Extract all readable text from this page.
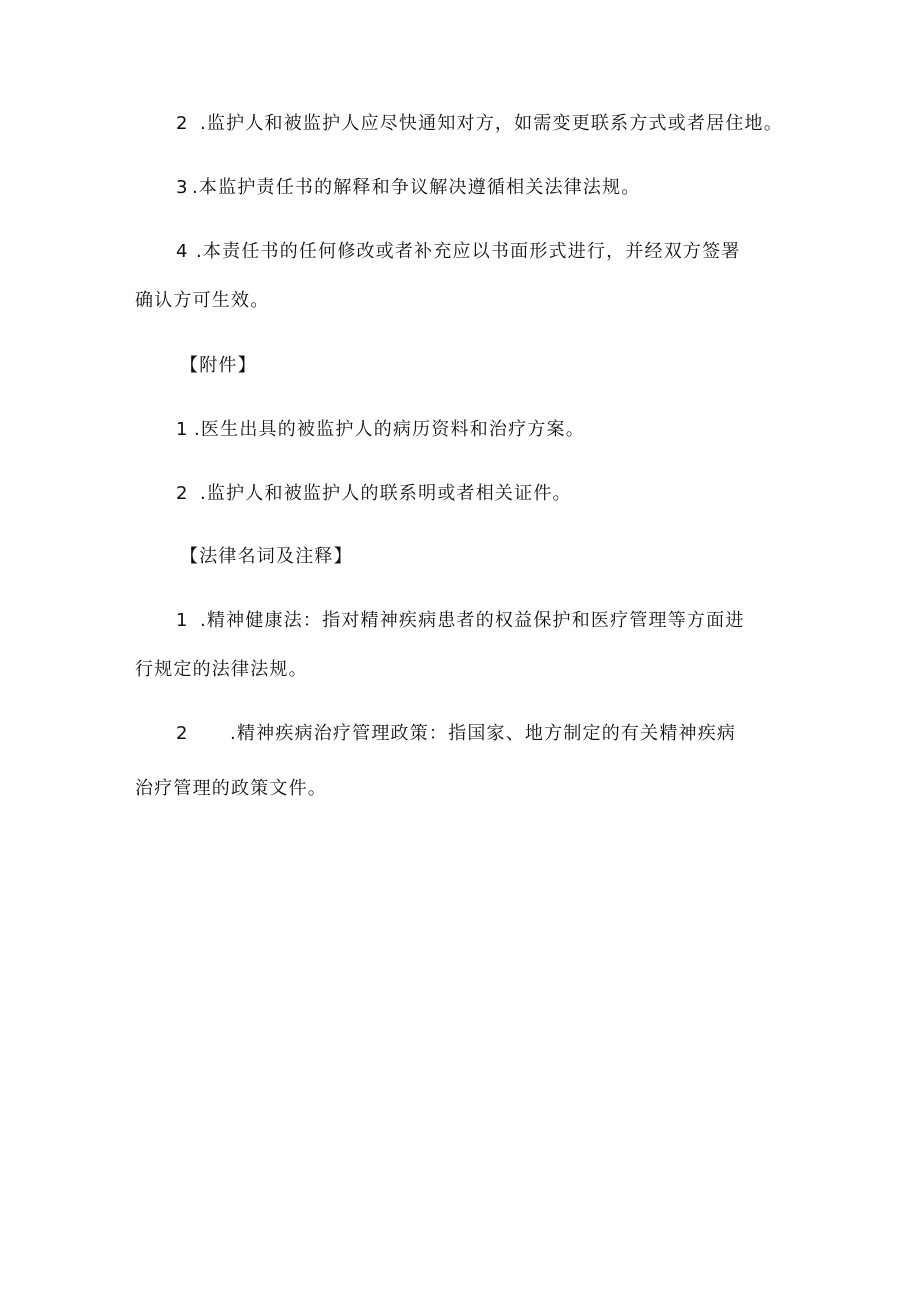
2 .监护人和被监护人应尽快通知对方，如需变更联系方式或者居住地。
3 .本监护责任书的解释和争议解决遵循相关法律法规。
4 .本责任书的任何修改或者补充应以书面形式进行，并经双方签署
确认方可生效。
【附件】
1 .医生出具的被监护人的病历资料和治疗方案。
2 .监护人和被监护人的联系明或者相关证件。
【法律名词及注释】
1 .精神健康法：指对精神疾病患者的权益保护和医疗管理等方面进
行规定的法律法规。
2 .精神疾病治疗管理政策：指国家、地方制定的有关精神疾病
治疗管理的政策文件。
